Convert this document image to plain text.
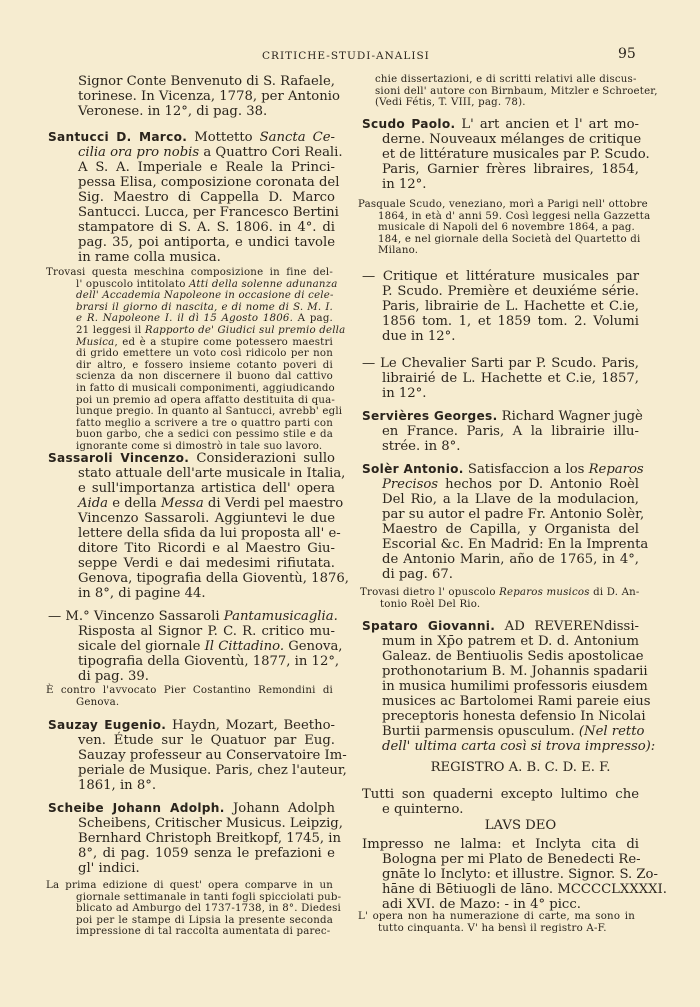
CRITICHE-STUDI-ANALISI	95
Signor Conte Benvenuto di S. Rafaele,
torinese. In Vicenza, 1778, per Antonio
Veronese. in 12°, di pag. 38.
Santucci D. Marco. Mottetto Sancta Ce-
cilia ora pro nobis a Quattro Cori Reali.
A S. A. Imperiale e Reale la Princi-
pessa Elisa, composizione coronata del
Sig. Maestro di Cappella D. Marco
Santucci. Lucca, per Francesco Bertini
stampatore di S. A. S. 1806. in 4°. di
pag. 35, poi antiporta, e undici tavole
in rame colla musica.
Trovasi questa meschina composizione in fine del-
l' opuscolo intitolato Atti della solenne adunanza
dell' Accademia Napoleone in occasione di cele-
brarsi il giorno di nascita, e di nome di S. M. I.
e R. Napoleone I. il dì 15 Agosto 1806. A pag.
21 leggesi il Rapporto de' Giudici sul premio della
Musica, ed è a stupire come potessero maestri
di grido emettere un voto così ridicolo per non
dir altro, e fossero insieme cotanto poveri di
scienza da non discernere il buono dal cattivo
in fatto di musicali componimenti, aggiudicando
poi un premio ad opera affatto destituita di qua-
lunque pregio. In quanto al Santucci, avrebb' egli
fatto meglio a scrivere a tre o quattro parti con
buon garbo, che a sedici con pessimo stile e da
ignorante come si dimostrò in tale suo lavoro.
Sassaroli Vincenzo. Considerazioni sullo
stato attuale dell'arte musicale in Italia,
e sull'importanza artistica dell' opera
Aida e della Messa di Verdi pel maestro
Vincenzo Sassaroli. Aggiuntevi le due
lettere della sfida da lui proposta all' e-
ditore Tito Ricordi e al Maestro Giu-
seppe Verdi e dai medesimi rifiutata.
Genova, tipografia della Gioventù, 1876,
in 8°, di pagine 44.
— M.° Vincenzo Sassaroli Pantamusicaglia.
Risposta al Signor P. C. R. critico mu-
sicale del giornale Il Cittadino. Genova,
tipografia della Gioventù, 1877, in 12°,
di pag. 39.
È contro l'avvocato Pier Costantino Remondini di
Genova.
Sauzay Eugenio. Haydn, Mozart, Beetho-
ven. Étude sur le Quatuor par Eug.
Sauzay professeur au Conservatoire Im-
periale de Musique. Paris, chez l'auteur,
1861, in 8°.
Scheibe Johann Adolph. Johann Adolph
Scheibens, Critischer Musicus. Leipzig,
Bernhard Christoph Breitkopf, 1745, in
8°, di pag. 1059 senza le prefazioni e
gl' indici.
La prima edizione di quest' opera comparve in un
giornale settimanale in tanti fogli spicciolati pub-
blicato ad Amburgo del 1737-1738, in 8°. Diedesi
poi per le stampe di Lipsia la presente seconda
impressione di tal raccolta aumentata di parec-
chie dissertazioni, e di scritti relativi alle discus-
sioni dell' autore con Birnbaum, Mitzler e Schroeter,
(Vedi Fétis, T. VIII, pag. 78).
Scudo Paolo. L' art ancien et l' art mo-
derne. Nouveaux mélanges de critique
et de littérature musicales par P. Scudo.
Paris, Garnier frères libraires, 1854,
in 12°.
Pasquale Scudo, veneziano, morì a Parigi nell' ottobre
1864, in età d' anni 59. Così leggesi nella Gazzetta
musicale di Napoli del 6 novembre 1864, a pag.
184, e nel giornale della Società del Quartetto di
Milano.
— Critique et littérature musicales par
P. Scudo. Première et deuxiéme série.
Paris, librairie de L. Hachette et C.ie,
1856 tom. 1, et 1859 tom. 2. Volumi
due in 12°.
— Le Chevalier Sarti par P. Scudo. Paris,
librairié de L. Hachette et C.ie, 1857,
in 12°.
Servières Georges. Richard Wagner jugè
en France. Paris, A la librairie illu-
strée. in 8°.
Solèr Antonio. Satisfaccion a los Reparos
Precisos hechos por D. Antonio Roèl
Del Rio, a la Llave de la modulacion,
par su autor el padre Fr. Antonio Solèr,
Maestro de Capilla, y Organista del
Escorial &c. En Madrid: En la Imprenta
de Antonio Marin, año de 1765, in 4°,
di pag. 67.
Trovasi dietro l' opuscolo Reparos musicos di D. An-
tonio Roèl Del Rio.
Spataro Giovanni. AD REVERENdissi-
mum in Xp̄o patrem et D. d. Antonium
Galeaz. de Bentiuolis Sedis apostolicae
prothonotarium B. M. Johannis spadarii
in musica humilimi professoris eiusdem
musices ac Bartolomei Rami pareie eius
preceptoris honesta defensio In Nicolai
Burtii parmensis opusculum. (Nel retto
dell' ultima carta così si trova impresso):
REGISTRO A. B. C. D. E. F.
Tutti son quaderni excepto lultimo che
e quinterno.
LAVS DEO
Impresso ne lalma: et Inclyta cita di
Bologna per mi Plato de Benedecti Re-
gnāte lo Inclyto: et illustre. Signor. S. Zo-
hāne di Bētiuogli de lāno. MCCCCLXXXXI.
adi XVI. de Mazo: - in 4° picc.
L' opera non ha numerazione di carte, ma sono in
tutto cinquanta. V' ha bensì il registro A-F.
